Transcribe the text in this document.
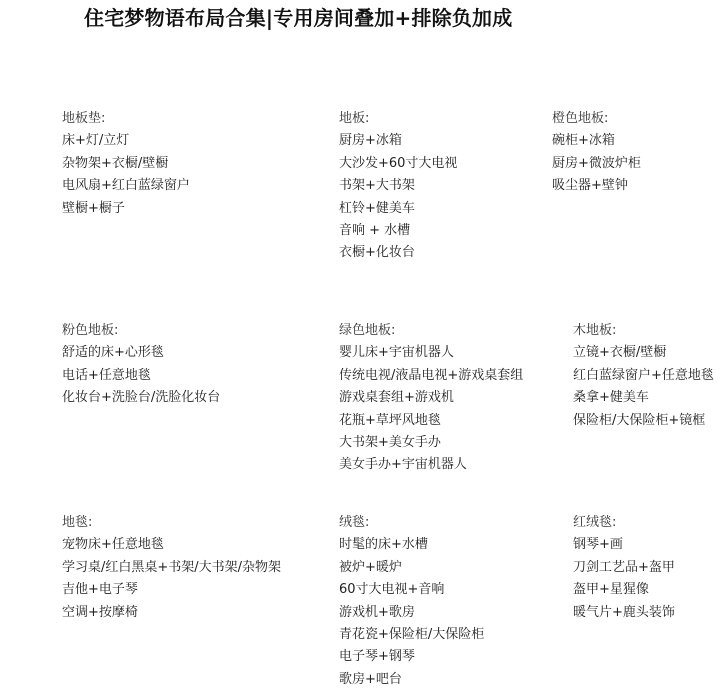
住宅梦物语布局合集|专用房间叠加+排除负加成
地板垫:
床+灯/立灯
杂物架+衣橱/壁橱
电风扇+红白蓝绿窗户
壁橱+橱子
地板:
厨房+冰箱
大沙发+60寸大电视
书架+大书架
杠铃+健美车
音响 + 水槽
衣橱+化妆台
橙色地板:
碗柜+冰箱
厨房+微波炉柜
吸尘器+壁钟
粉色地板:
舒适的床+心形毯
电话+任意地毯
化妆台+洗脸台/洗脸化妆台
绿色地板:
婴儿床+宇宙机器人
传统电视/液晶电视+游戏桌套组
游戏桌套组+游戏机
花瓶+草坪风地毯
大书架+美女手办
美女手办+宇宙机器人
木地板:
立镜+衣橱/壁橱
红白蓝绿窗户+任意地毯
桑拿+健美车
保险柜/大保险柜+镜框
地毯:
宠物床+任意地毯
学习桌/红白黑桌+书架/大书架/杂物架
吉他+电子琴
空调+按摩椅
绒毯:
时髦的床+水槽
被炉+暖炉
60寸大电视+音响
游戏机+歌房
青花瓷+保险柜/大保险柜
电子琴+钢琴
歌房+吧台
红绒毯:
钢琴+画
刀剑工艺品+盔甲
盔甲+星猩像
暖气片+鹿头装饰
